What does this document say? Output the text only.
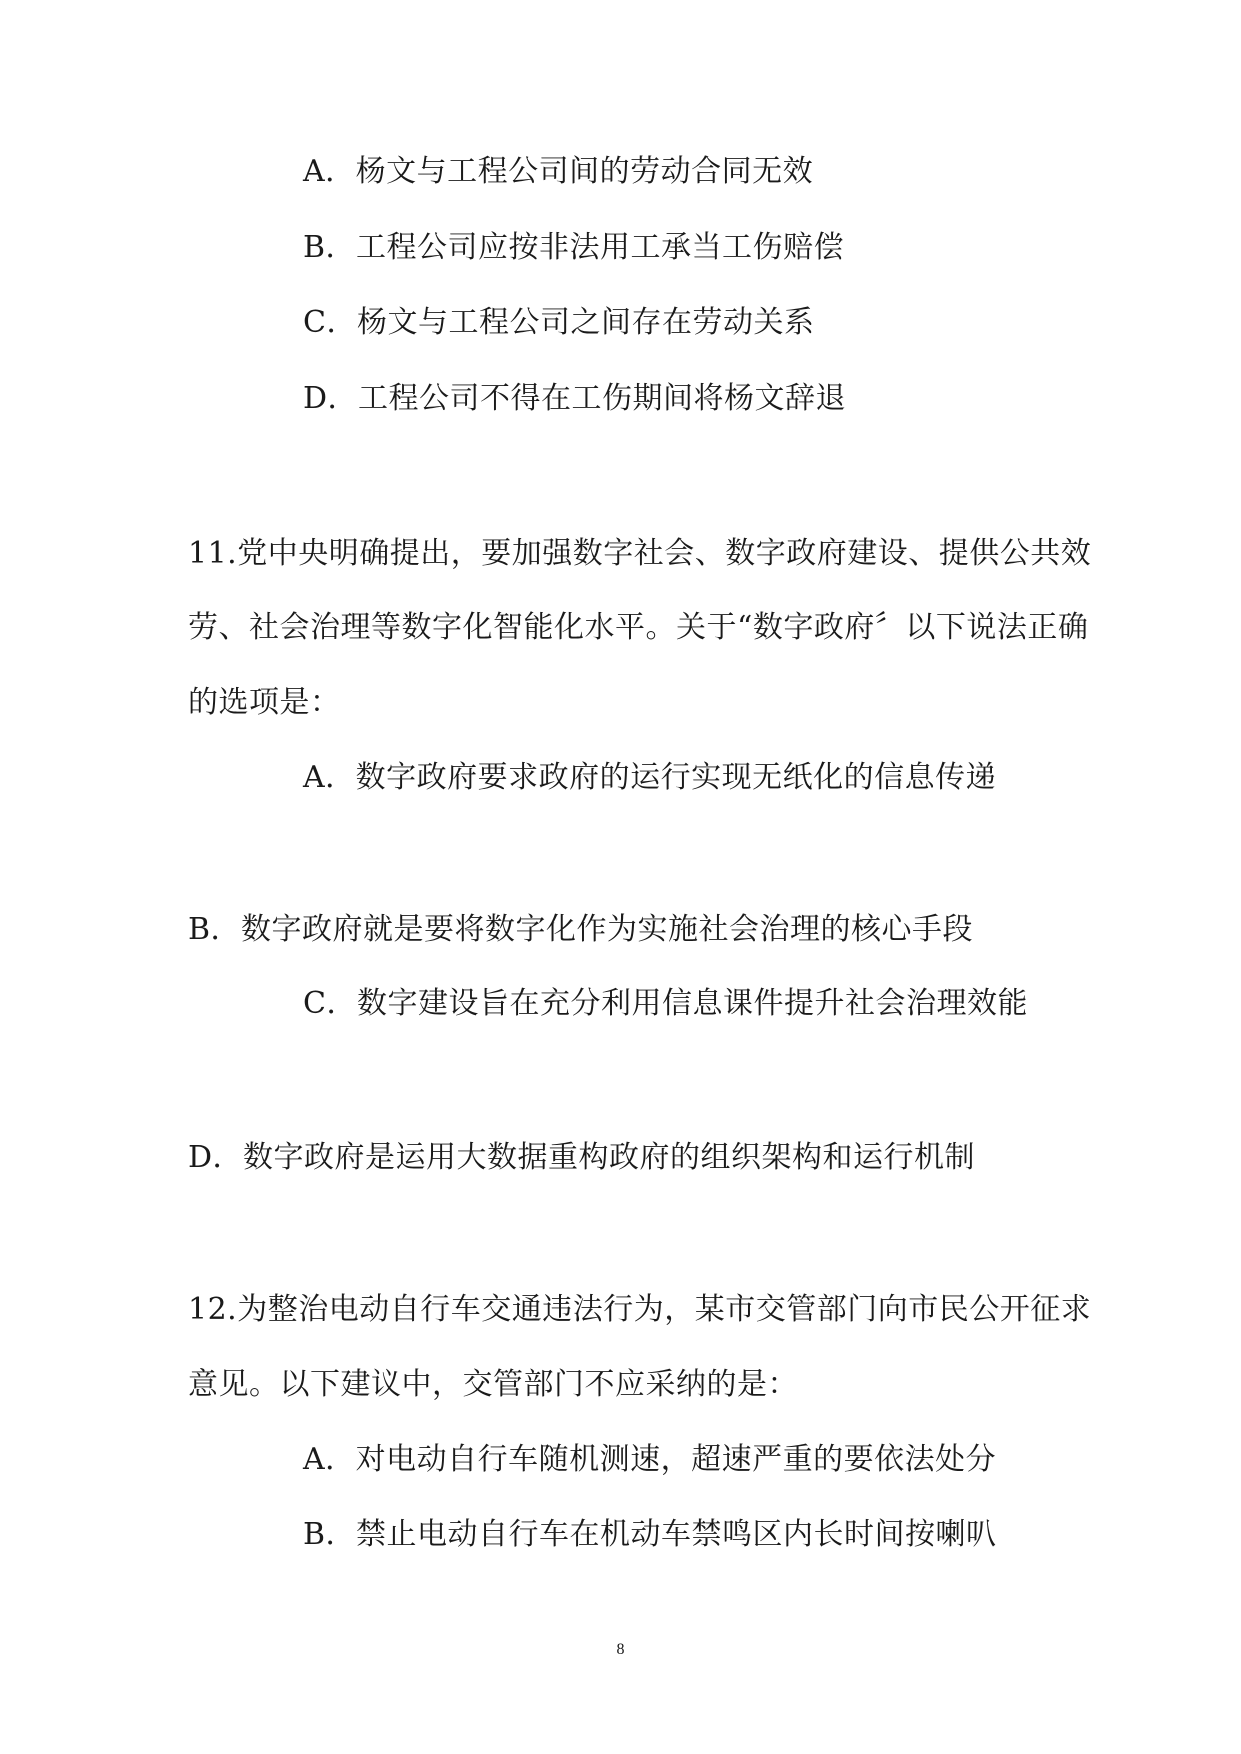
A．杨文与工程公司间的劳动合同无效
B．工程公司应按非法用工承当工伤赔偿
C．杨文与工程公司之间存在劳动关系
D．工程公司不得在工伤期间将杨文辞退
11.党中央明确提出，要加强数字社会、数字政府建设、提供公共效
劳、社会治理等数字化智能化水平。关于“数字政府〞以下说法正确
的选项是：
A．数字政府要求政府的运行实现无纸化的信息传递
B．数字政府就是要将数字化作为实施社会治理的核心手段
C．数字建设旨在充分利用信息课件提升社会治理效能
D．数字政府是运用大数据重构政府的组织架构和运行机制
12.为整治电动自行车交通违法行为，某市交管部门向市民公开征求
意见。以下建议中，交管部门不应采纳的是：
A．对电动自行车随机测速，超速严重的要依法处分
B．禁止电动自行车在机动车禁鸣区内长时间按喇叭
8
